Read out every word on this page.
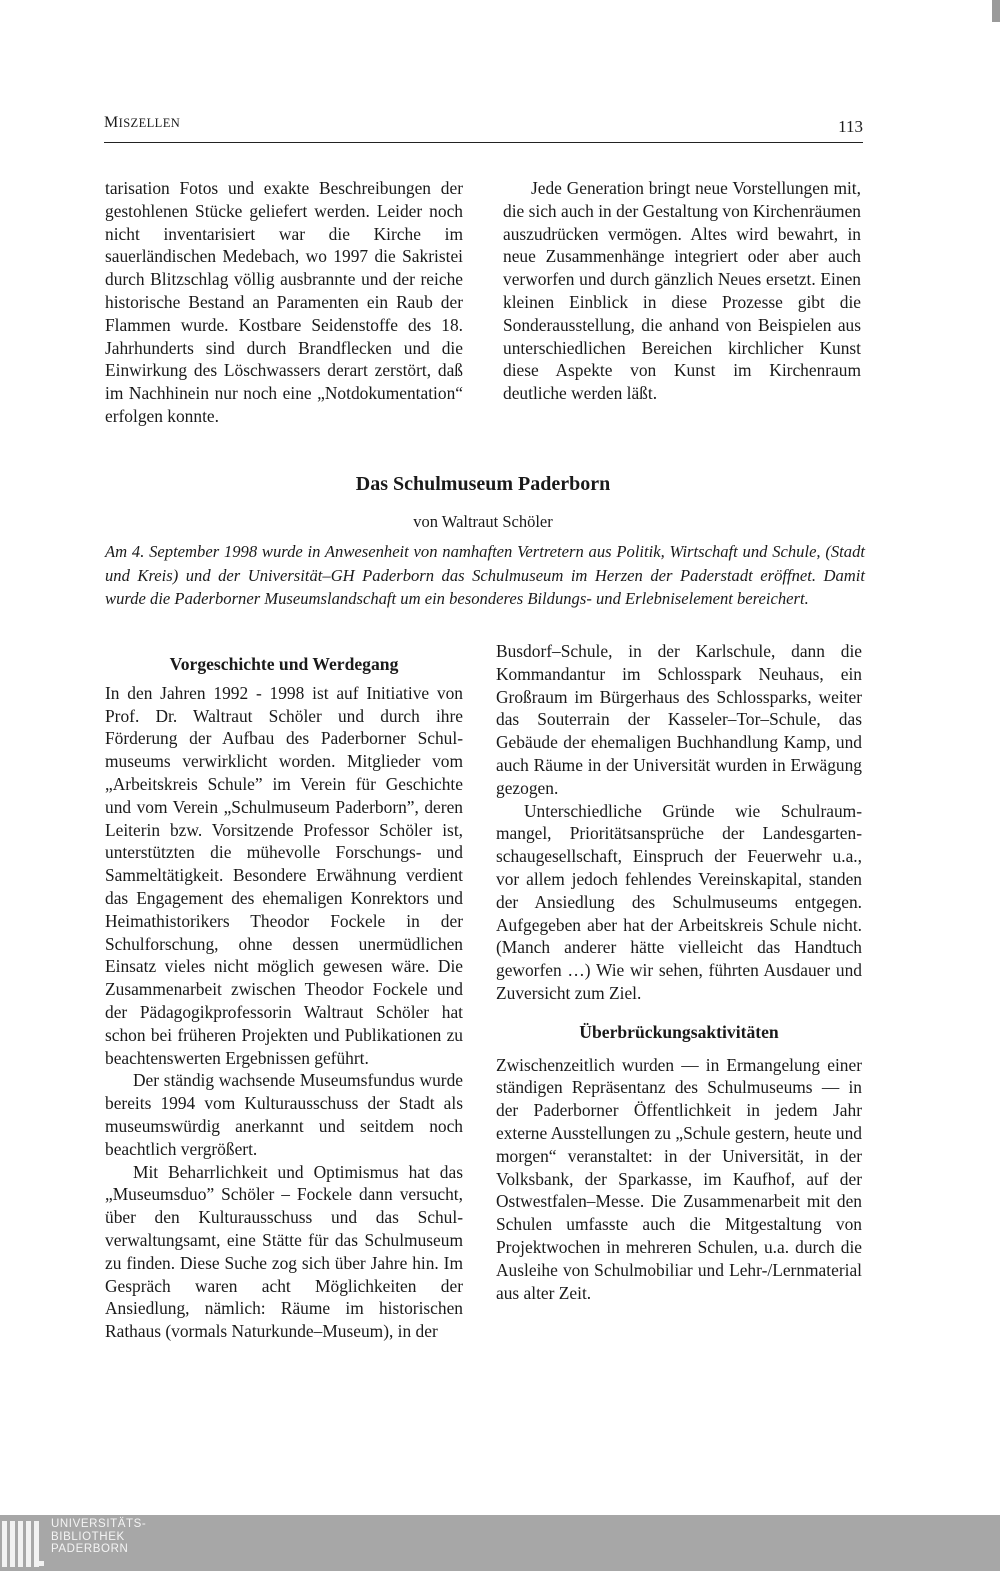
MISZELLEN	113

tarisation Fotos und exakte Beschreibungen der gestohlenen Stücke geliefert werden. Leider noch nicht inventarisiert war die Kirche im sauerländischen Medebach, wo 1997 die Sakristei durch Blitzschlag völlig ausbrannte und der reiche historische Bestand an Paramenten ein Raub der Flammen wurde. Kostbare Seidenstoffe des 18. Jahrhunderts sind durch Brandflecken und die Einwirkung des Löschwassers derart zerstört, daß im Nachhinein nur noch eine „Notdokumentation“ erfolgen konnte.

Jede Generation bringt neue Vorstellungen mit, die sich auch in der Gestaltung von Kirchenräumen auszudrücken vermögen. Altes wird bewahrt, in neue Zusammenhänge integriert oder aber auch verworfen und durch gänzlich Neues ersetzt. Einen kleinen Einblick in diese Prozesse gibt die Sonderausstellung, die anhand von Beispielen aus unterschiedlichen Bereichen kirchlicher Kunst diese Aspekte von Kunst im Kirchenraum deutliche werden läßt.

Das Schulmuseum Paderborn
von Waltraut Schöler
Am 4. September 1998 wurde in Anwesenheit von namhaften Vertretern aus Politik, Wirtschaft und Schule, (Stadt und Kreis) und der Universität–GH Paderborn das Schulmuseum im Herzen der Paderstadt eröffnet. Damit wurde die Paderborner Museumslandschaft um ein besonderes Bildungs- und Erlebniselement bereichert.
Vorgeschichte und Werdegang

In den Jahren 1992 - 1998 ist auf Initiative von Prof. Dr. Waltraut Schöler und durch ihre Förderung der Aufbau des Paderborner Schulmuseums verwirklicht worden. Mitglieder vom „Arbeitskreis Schule” im Verein für Geschichte und vom Verein „Schulmuseum Paderborn”, deren Leiterin bzw. Vorsitzende Professor Schöler ist, unterstützten die mühevolle Forschungs- und Sammeltätigkeit. Besondere Erwähnung verdient das Engagement des ehemaligen Konrektors und Heimathistorikers Theodor Fockele in der Schulforschung, ohne dessen unermüdlichen Einsatz vieles nicht möglich gewesen wäre. Die Zusammenarbeit zwischen Theodor Fockele und der Pädagogikprofessorin Waltraut Schöler hat schon bei früheren Projekten und Publikationen zu beachtenswerten Ergebnissen geführt.

Der ständig wachsende Museumsfundus wurde bereits 1994 vom Kulturausschuss der Stadt als museumswürdig anerkannt und seitdem noch beachtlich vergrößert.

Mit Beharrlichkeit und Optimismus hat das „Museumsduo” Schöler – Fockele dann versucht, über den Kulturausschuss und das Schulverwaltungsamt, eine Stätte für das Schulmuseum zu finden. Diese Suche zog sich über Jahre hin. Im Gespräch waren acht Möglichkeiten der Ansiedlung, nämlich: Räume im historischen Rathaus (vormals Naturkunde–Museum), in der

Busdorf–Schule, in der Karlschule, dann die Kommandantur im Schlosspark Neuhaus, ein Großraum im Bürgerhaus des Schlossparks, weiter das Souterrain der Kasseler–Tor–Schule, das Gebäude der ehemaligen Buchhandlung Kamp, und auch Räume in der Universität wurden in Erwägung gezogen.

Unterschiedliche Gründe wie Schulraummangel, Prioritätsansprüche der Landesgartenschaugesellschaft, Einspruch der Feuerwehr u.a., vor allem jedoch fehlendes Vereinskapital, standen der Ansiedlung des Schulmuseums entgegen. Aufgegeben aber hat der Arbeitskreis Schule nicht. (Manch anderer hätte vielleicht das Handtuch geworfen …) Wie wir sehen, führten Ausdauer und Zuversicht zum Ziel.

Überbrückungsaktivitäten

Zwischenzeitlich wurden — in Ermangelung einer ständigen Repräsentanz des Schulmuseums — in der Paderborner Öffentlichkeit in jedem Jahr externe Ausstellungen zu „Schule gestern, heute und morgen“ veranstaltet: in der Universität, in der Volksbank, der Sparkasse, im Kaufhof, auf der Ostwestfalen–Messe. Die Zusammenarbeit mit den Schulen umfasste auch die Mitgestaltung von Projektwochen in mehreren Schulen, u.a. durch die Ausleihe von Schulmobiliar und Lehr-/Lernmaterial aus alter Zeit.

UNIVERSITÄTS-
BIBLIOTHEK
PADERBORN
